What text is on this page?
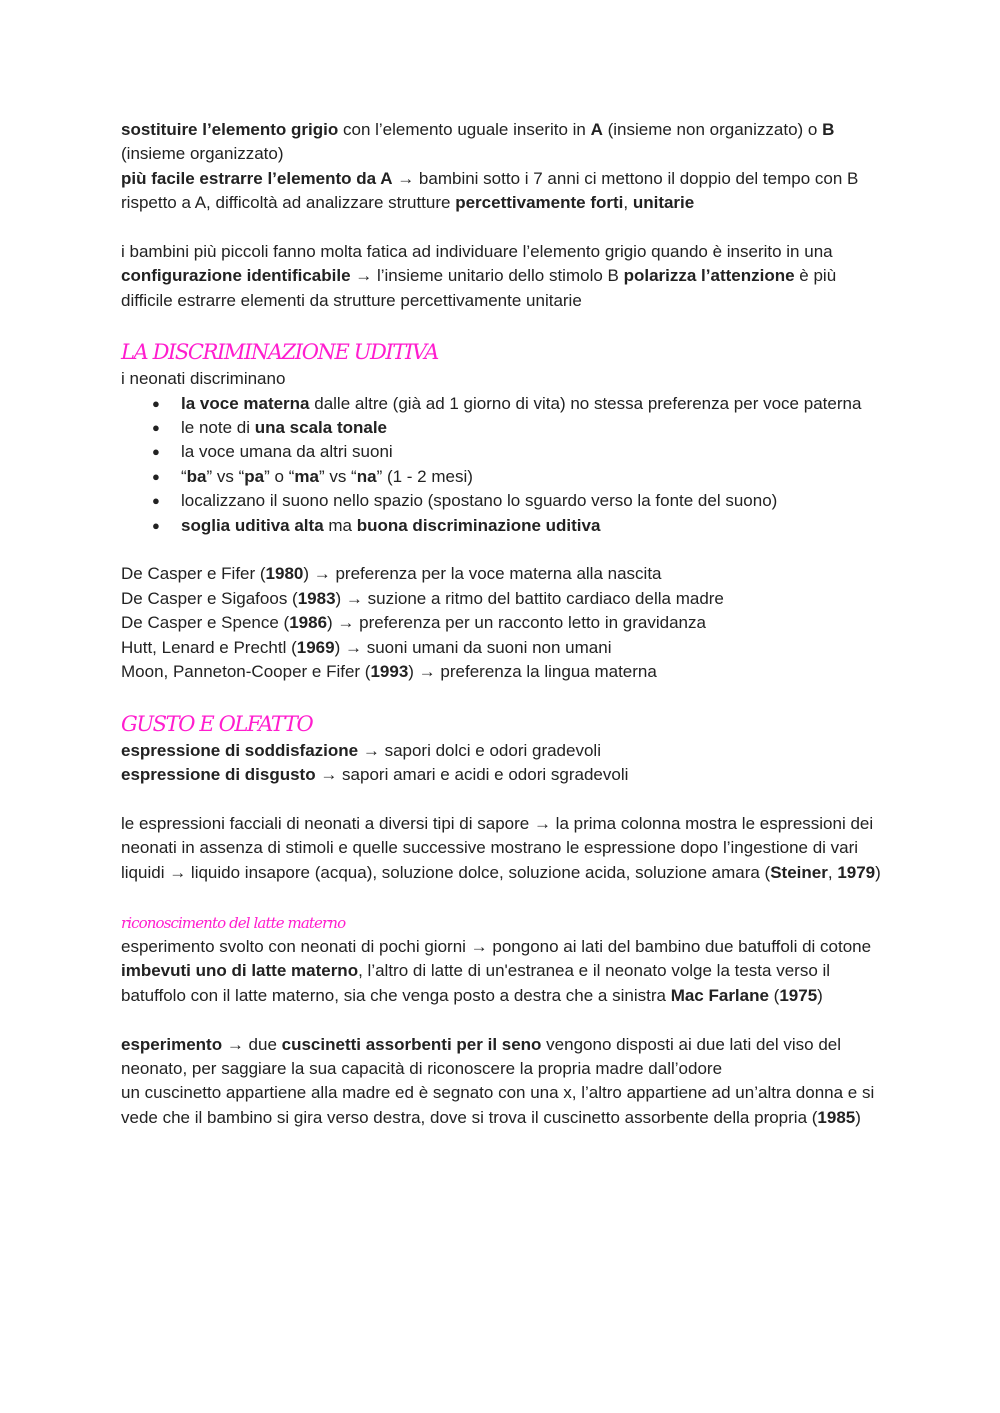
sostituire l’elemento grigio con l’elemento uguale inserito in A (insieme non organizzato) o B (insieme organizzato)

più facile estrarre l’elemento da A → bambini sotto i 7 anni ci mettono il doppio del tempo con B rispetto a A, difficoltà ad analizzare strutture percettivamente forti, unitarie

i bambini più piccoli fanno molta fatica ad individuare l’elemento grigio quando è inserito in una configurazione identificabile → l’insieme unitario dello stimolo B polarizza l’attenzione è più difficile estrarre elementi da strutture percettivamente unitarie

LA DISCRIMINAZIONE UDITIVA

i neonati discriminano

● la voce materna dalle altre (già ad 1 giorno di vita) no stessa preferenza per voce paterna
● le note di una scala tonale
● la voce umana da altri suoni
● “ba” vs “pa” o “ma” vs “na” (1 - 2 mesi)
● localizzano il suono nello spazio (spostano lo sguardo verso la fonte del suono)
● soglia uditiva alta ma buona discriminazione uditiva

De Casper e Fifer (1980) → preferenza per la voce materna alla nascita

De Casper e Sigafoos (1983) → suzione a ritmo del battito cardiaco della madre

De Casper e Spence (1986) → preferenza per un racconto letto in gravidanza

Hutt, Lenard e Prechtl (1969) → suoni umani da suoni non umani

Moon, Panneton-Cooper e Fifer (1993) → preferenza la lingua materna

GUSTO E OLFATTO

espressione di soddisfazione → sapori dolci e odori gradevoli

espressione di disgusto → sapori amari e acidi e odori sgradevoli

le espressioni facciali di neonati a diversi tipi di sapore → la prima colonna mostra le espressioni dei neonati in assenza di stimoli e quelle successive mostrano le espressione dopo l’ingestione di vari liquidi → liquido insapore (acqua), soluzione dolce, soluzione acida, soluzione amara (Steiner, 1979)

riconoscimento del latte materno

esperimento svolto con neonati di pochi giorni → pongono ai lati del bambino due batuffoli di cotone imbevuti uno di latte materno, l’altro di latte di un'estranea e il neonato volge la testa verso il batuffolo con il latte materno, sia che venga posto a destra che a sinistra Mac Farlane (1975)

esperimento → due cuscinetti assorbenti per il seno vengono disposti ai due lati del viso del neonato, per saggiare la sua capacità di riconoscere la propria madre dall’odore

un cuscinetto appartiene alla madre ed è segnato con una x, l’altro appartiene ad un’altra donna e si vede che il bambino si gira verso destra, dove si trova il cuscinetto assorbente della propria (1985)
